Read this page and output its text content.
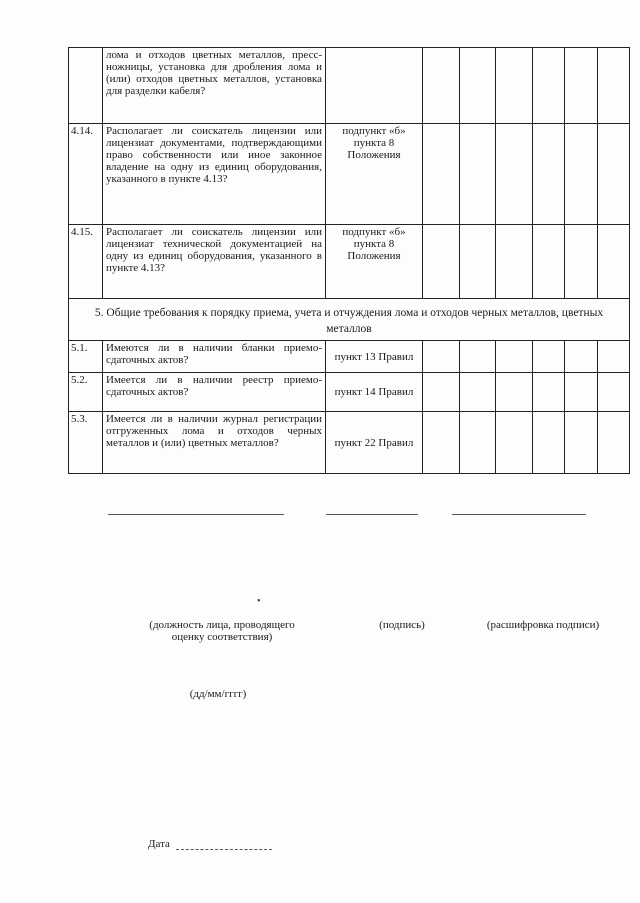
	лома и отходов цветных металлов, пресс-ножницы, установка для дробления лома и (или) отходов цветных металлов, установка для разделки кабеля?							
4.14.	Располагает ли соискатель лицензии или лицензиат документами, подтверждающими право собственности или иное законное владение на одну из единиц оборудования, указанного в пункте 4.13?	подпункт «б» пункта 8 Положения						
4.15.	Располагает ли соискатель лицензии или лицензиат технической документацией на одну из единиц оборудования, указанного в пункте 4.13?	подпункт «б» пункта 8 Положения						
5. Общие требования к порядку приема, учета и отчуждения лома и отходов черных металлов, цветных металлов								
5.1.	Имеются ли в наличии бланки приемо-сдаточных актов?	пункт 13 Правил						
5.2.	Имеется ли в наличии реестр приемо-сдаточных актов?	пункт 14 Правил						
5.3.	Имеется ли в наличии журнал регистрации отгруженных лома и отходов черных металлов и (или) цветных металлов?	пункт 22 Правил						
•
(должность лица, проводящего оценку соответствия)
(подпись)	(расшифровка подписи)
(дд/мм/гггг)
Дата
